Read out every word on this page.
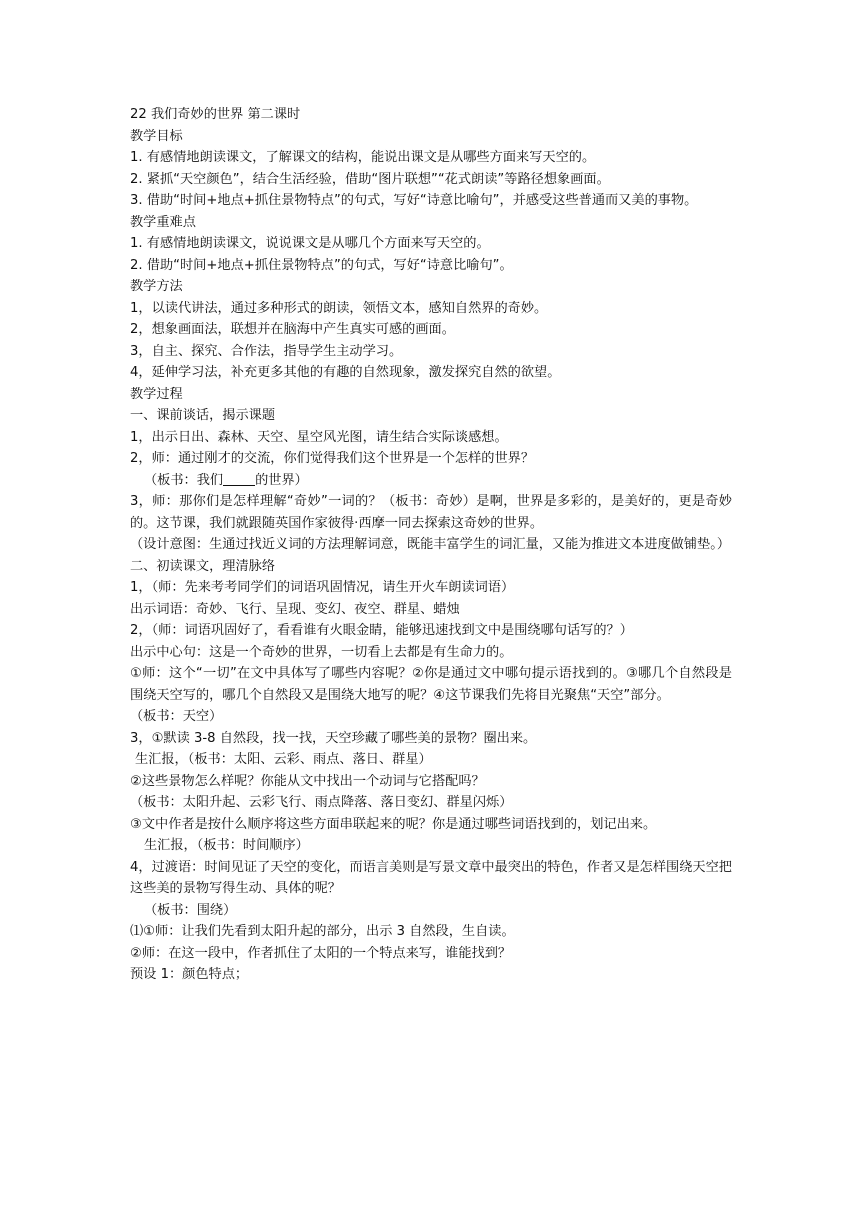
22 我们奇妙的世界 第二课时
教学目标
1. 有感情地朗读课文，了解课文的结构，能说出课文是从哪些方面来写天空的。
2. 紧抓“天空颜色”，结合生活经验，借助“图片联想”“花式朗读”等路径想象画面。
3. 借助“时间+地点+抓住景物特点”的句式，写好“诗意比喻句”，并感受这些普通而又美的事物。
教学重难点
1. 有感情地朗读课文，说说课文是从哪几个方面来写天空的。
2. 借助“时间+地点+抓住景物特点”的句式，写好“诗意比喻句”。
教学方法
1，以读代讲法，通过多种形式的朗读，领悟文本，感知自然界的奇妙。
2，想象画面法，联想并在脑海中产生真实可感的画面。
3，自主、探究、合作法，指导学生主动学习。
4，延伸学习法，补充更多其他的有趣的自然现象，激发探究自然的欲望。
教学过程
一、课前谈话，揭示课题
1，出示日出、森林、天空、星空风光图，请生结合实际谈感想。
2，师：通过刚才的交流，你们觉得我们这个世界是一个怎样的世界？
（板书：我们 的世界）
3，师：那你们是怎样理解“奇妙”一词的？（板书：奇妙）是啊，世界是多彩的，是美好的，更是奇妙的。这节课，我们就跟随英国作家彼得·西摩一同去探索这奇妙的世界。
（设计意图：生通过找近义词的方法理解词意，既能丰富学生的词汇量，又能为推进文本进度做铺垫。）
二、初读课文，理清脉络
1，（师：先来考考同学们的词语巩固情况，请生开火车朗读词语）
出示词语：奇妙、飞行、呈现、变幻、夜空、群星、蜡烛
2，（师：词语巩固好了，看看谁有火眼金睛，能够迅速找到文中是围绕哪句话写的？）
出示中心句：这是一个奇妙的世界，一切看上去都是有生命力的。
①师：这个“一切”在文中具体写了哪些内容呢？②你是通过文中哪句提示语找到的。③哪几个自然段是围绕天空写的，哪几个自然段又是围绕大地写的呢？④这节课我们先将目光聚焦“天空”部分。
（板书：天空）
3，①默读 3-8 自然段，找一找，天空珍藏了哪些美的景物？圈出来。
生汇报，（板书：太阳、云彩、雨点、落日、群星）
②这些景物怎么样呢？你能从文中找出一个动词与它搭配吗？
（板书：太阳升起、云彩飞行、雨点降落、落日变幻、群星闪烁）
③文中作者是按什么顺序将这些方面串联起来的呢？你是通过哪些词语找到的，划记出来。
生汇报，（板书：时间顺序）
4，过渡语：时间见证了天空的变化，而语言美则是写景文章中最突出的特色，作者又是怎样围绕天空把这些美的景物写得生动、具体的呢？
（板书：围绕）
⑴①师：让我们先看到太阳升起的部分，出示 3 自然段，生自读。
②师：在这一段中，作者抓住了太阳的一个特点来写，谁能找到？
预设 1：颜色特点；
